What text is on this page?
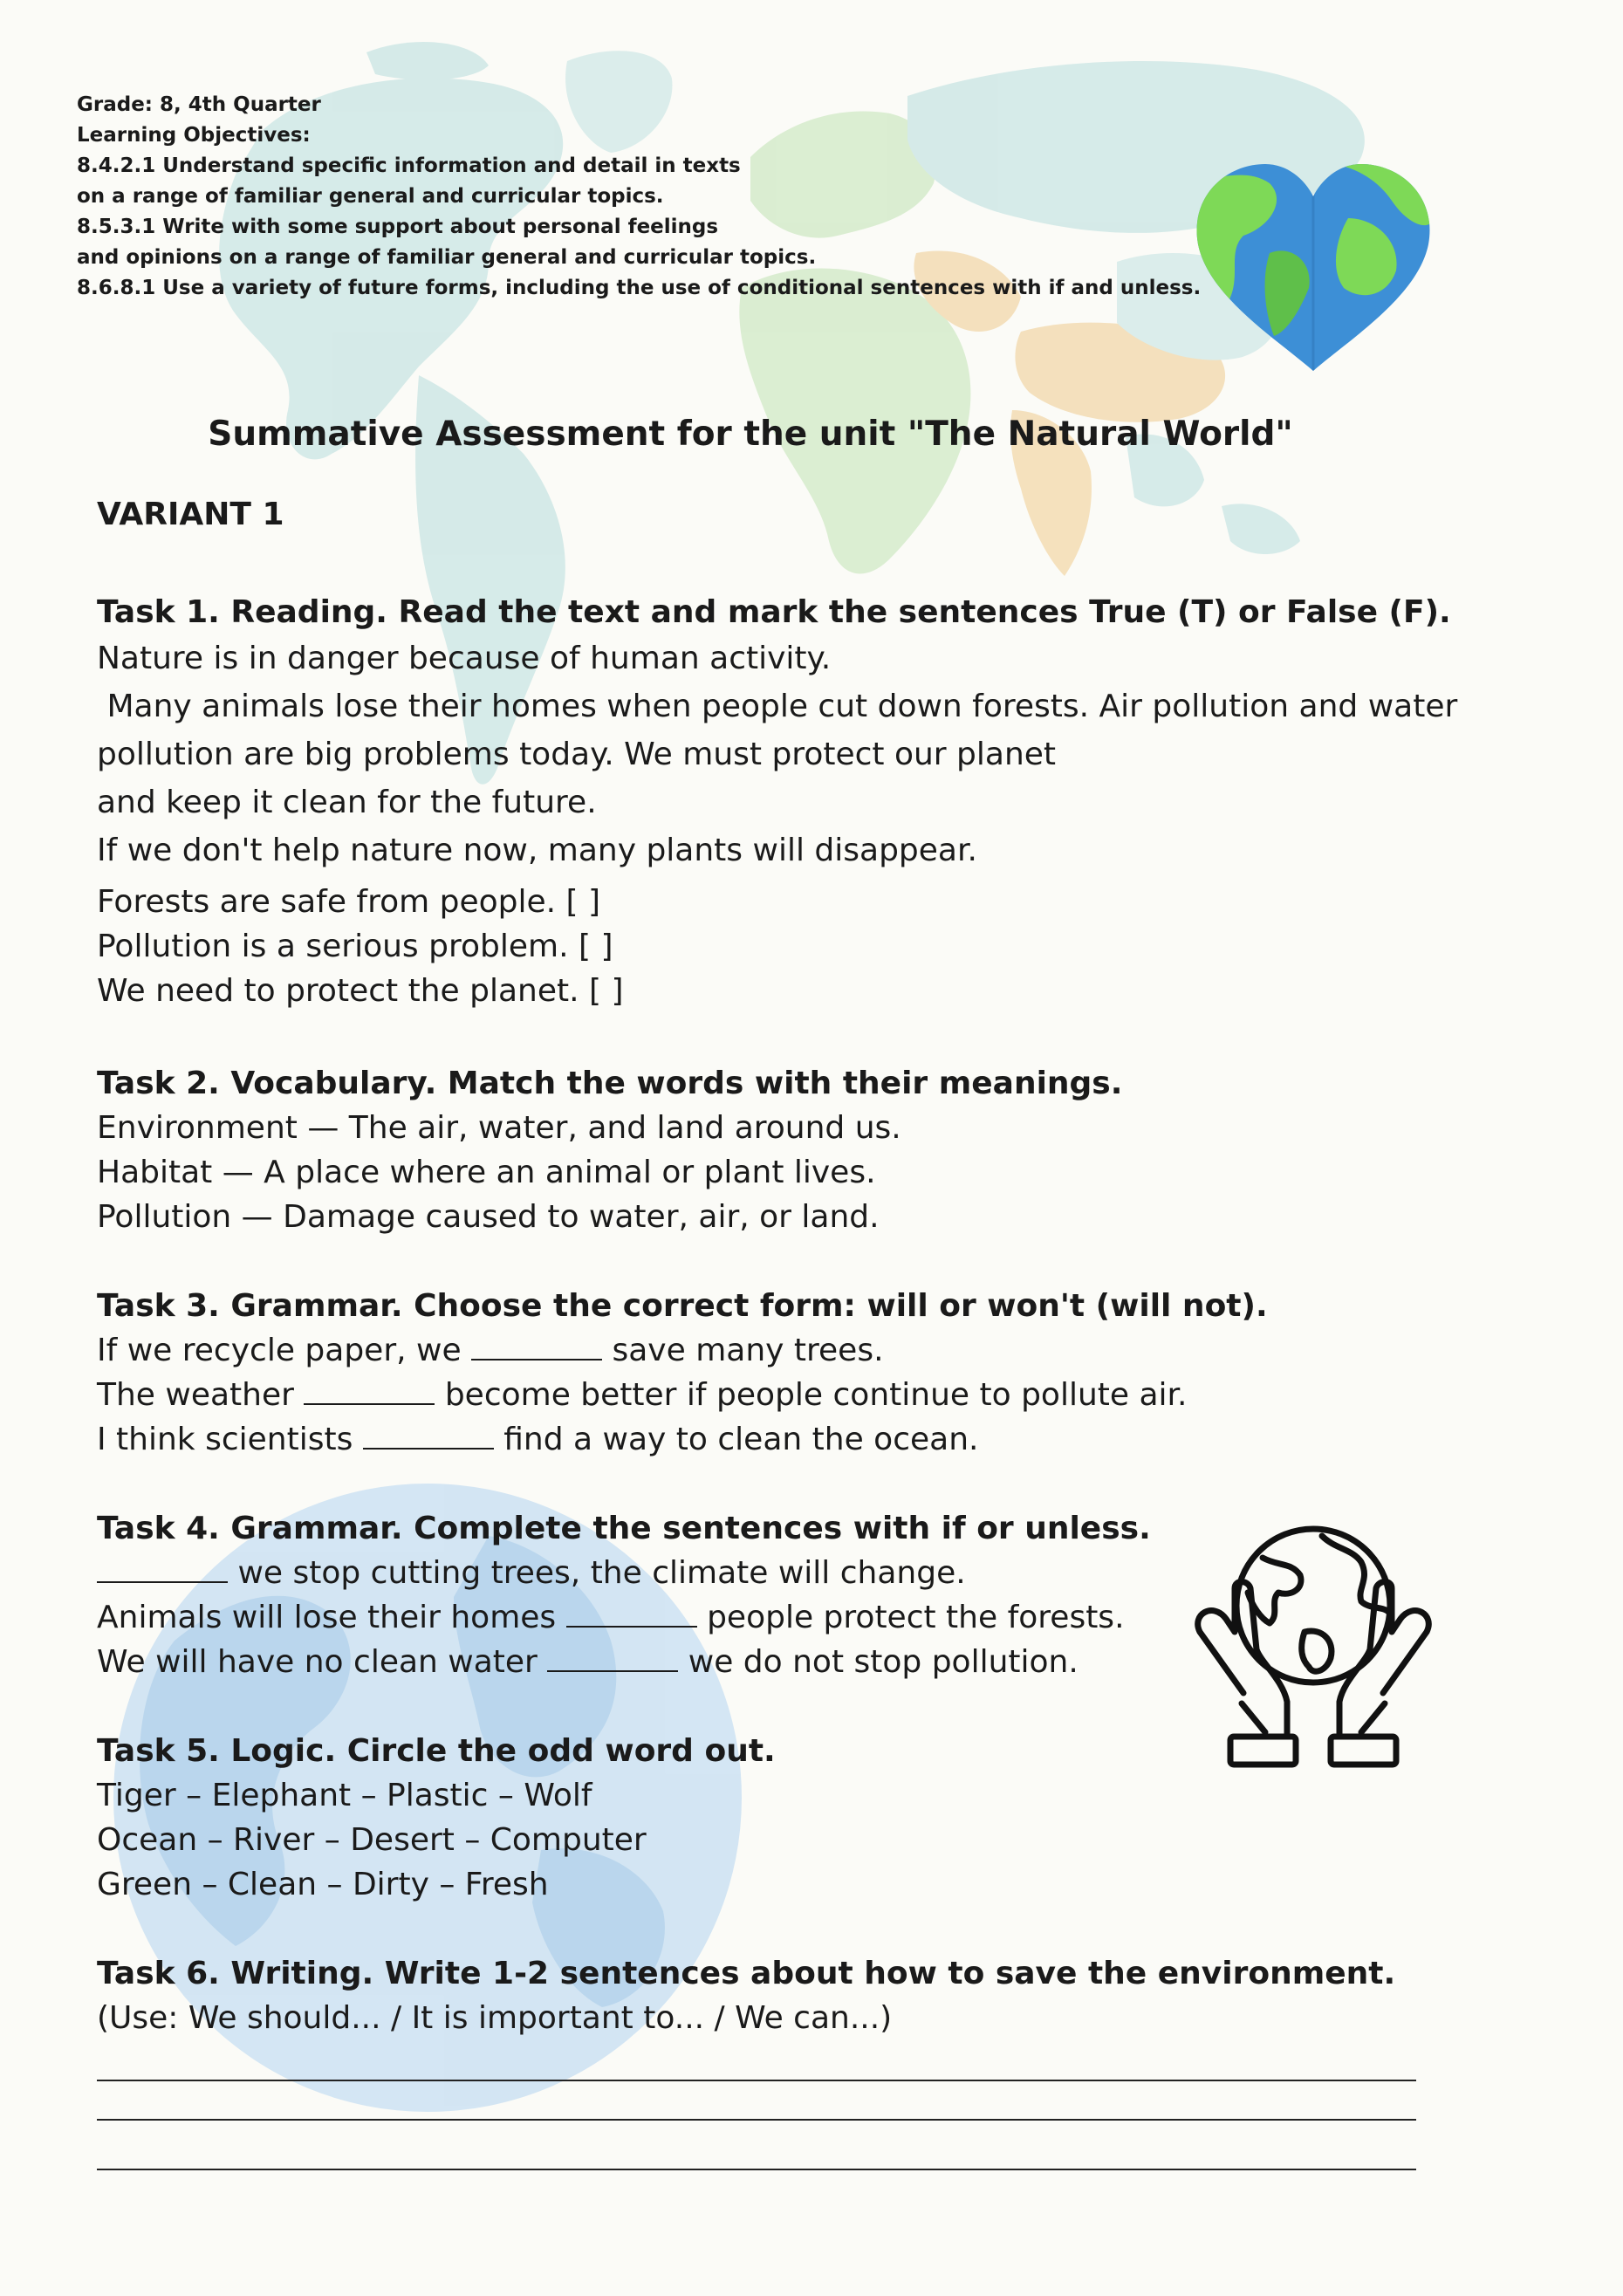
Grade: 8, 4th Quarter
Learning Objectives:
8.4.2.1 Understand specific information and detail in texts
on a range of familiar general and curricular topics.
8.5.3.1 Write with some support about personal feelings
and opinions on a range of familiar general and curricular topics.
8.6.8.1 Use a variety of future forms, including the use of conditional sentences with if and unless.
Summative Assessment for the unit "The Natural World"
VARIANT 1
Task 1. Reading. Read the text and mark the sentences True (T) or False (F).
Nature is in danger because of human activity.
Many animals lose their homes when people cut down forests. Air pollution and water
pollution are big problems today. We must protect our planet
and keep it clean for the future.
If we don't help nature now, many plants will disappear.
Forests are safe from people. [ ]
Pollution is a serious problem. [ ]
We need to protect the planet. [ ]
Task 2. Vocabulary. Match the words with their meanings.
Environment — The air, water, and land around us.
Habitat — A place where an animal or plant lives.
Pollution — Damage caused to water, air, or land.
Task 3. Grammar. Choose the correct form: will or won't (will not).
If we recycle paper, we	save many trees.
The weather	become better if people continue to pollute air.
I think scientists	find a way to clean the ocean.
Task 4. Grammar. Complete the sentences with if or unless.
we stop cutting trees, the climate will change.
Animals will lose their homes	people protect the forests.
We will have no clean water	we do not stop pollution.
Task 5. Logic. Circle the odd word out.
Tiger – Elephant – Plastic – Wolf
Ocean – River – Desert – Computer
Green – Clean – Dirty – Fresh
Task 6. Writing. Write 1-2 sentences about how to save the environment.
(Use: We should... / It is important to... / We can...)
